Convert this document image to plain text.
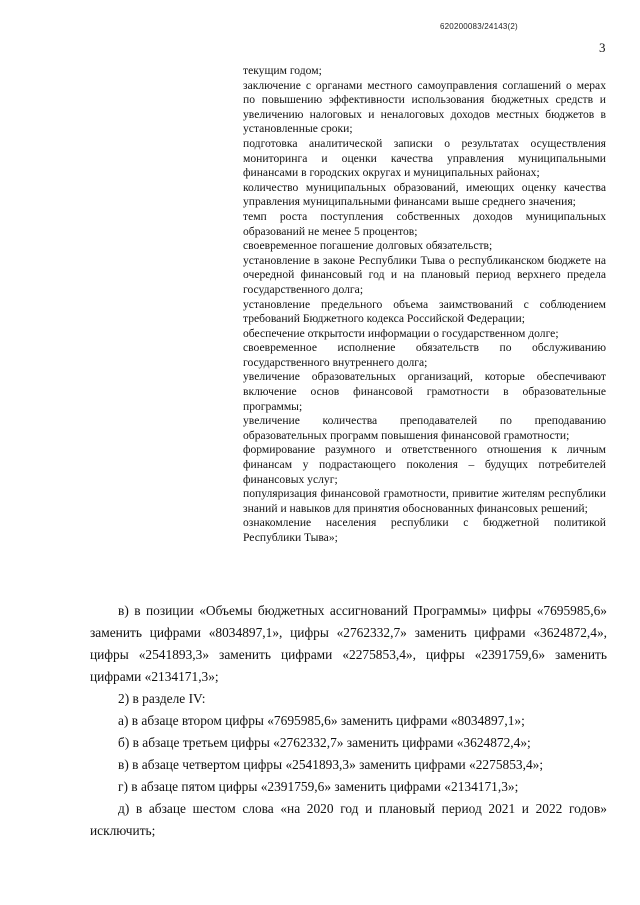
620200083/24143(2)
3

текущим годом;

заключение с органами местного самоуправления соглашений о мерах по повышению эффективности использования бюджетных средств и увеличению налоговых и неналоговых доходов местных бюджетов в установленные сроки;

подготовка аналитической записки о результатах осуществления мониторинга и оценки качества управления муниципальными финансами в городских округах и муниципальных районах;

количество муниципальных образований, имеющих оценку качества управления муниципальными финансами выше среднего значения;

темп роста поступления собственных доходов муниципальных образований не менее 5 процентов;

своевременное погашение долговых обязательств;

установление в законе Республики Тыва о республиканском бюджете на очередной финансовый год и на плановый период верхнего предела государственного долга;

установление предельного объема заимствований с соблюдением требований Бюджетного кодекса Российской Федерации;

обеспечение открытости информации о государственном долге;

своевременное исполнение обязательств по обслуживанию государственного внутреннего долга;

увеличение образовательных организаций, которые обеспечивают включение основ финансовой грамотности в образовательные программы;

увеличение количества преподавателей по преподаванию образовательных программ повышения финансовой грамотности;

формирование разумного и ответственного отношения к личным финансам у подрастающего поколения – будущих потребителей финансовых услуг;

популяризация финансовой грамотности, привитие жителям республики знаний и навыков для принятия обоснованных финансовых решений;

ознакомление населения республики с бюджетной политикой Республики Тыва»;

в) в позиции «Объемы бюджетных ассигнований Программы» цифры «7695985,6» заменить цифрами «8034897,1», цифры «2762332,7» заменить цифрами «3624872,4», цифры «2541893,3» заменить цифрами «2275853,4», цифры «2391759,6» заменить цифрами «2134171,3»;

2) в разделе IV:

а) в абзаце втором цифры «7695985,6» заменить цифрами «8034897,1»;

б) в абзаце третьем цифры «2762332,7» заменить цифрами «3624872,4»;

в) в абзаце четвертом цифры «2541893,3» заменить цифрами «2275853,4»;

г) в абзаце пятом цифры «2391759,6» заменить цифрами «2134171,3»;

д) в абзаце шестом слова «на 2020 год и плановый период 2021 и 2022 годов» исключить;
